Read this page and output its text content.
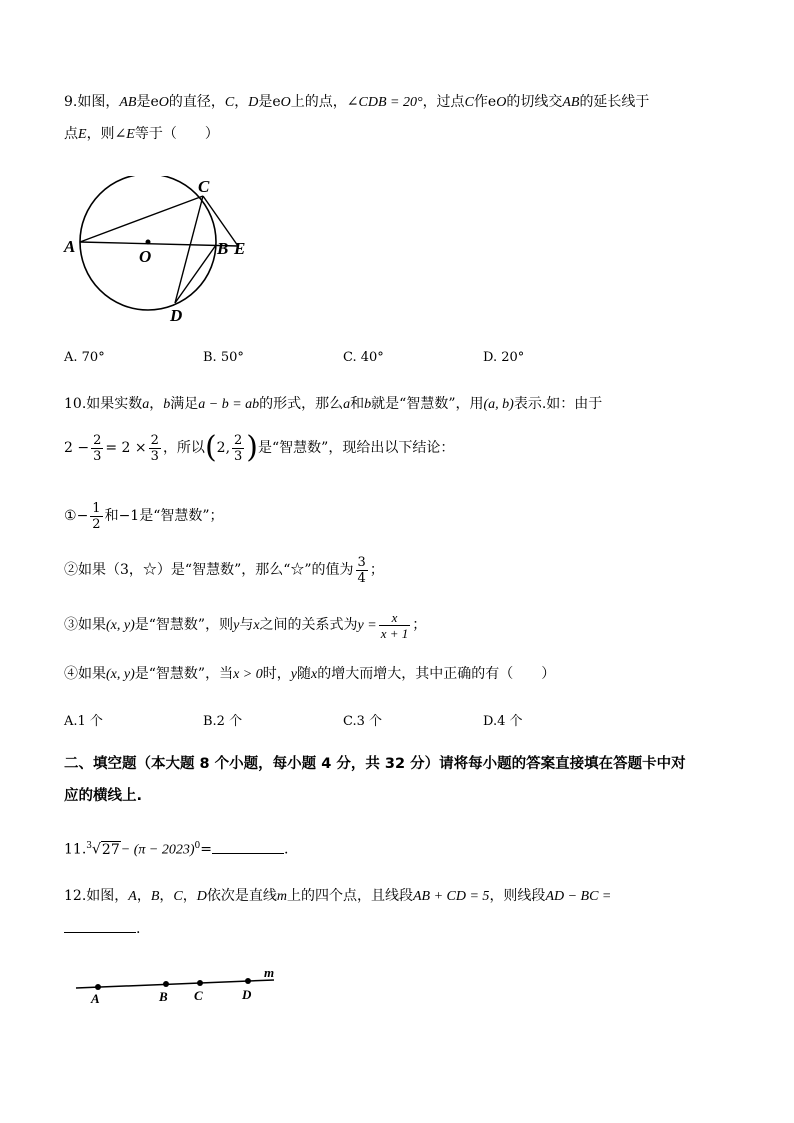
9.如图，AB是eO的直径，C，D是eO上的点，∠CDB = 20°，过点C作eO的切线交AB的延长线于
点E，则∠E等于（　　）
A
O	B E
C
D
A. 70°	B. 50°	C. 40°	D. 20°
10.如果实数a，b满足a − b = ab的形式，那么a和b就是“智慧数”，用(a, b)表示.如：由于
$2 - \frac{2}{3} = 2 \times \frac{2}{3}$ ，所以(2, $\frac{2}{3}$ )是“智慧数”，现给出以下结论：
①− $\frac{1}{2}$ 和−1是“智慧数”；
②如果（3，☆）是“智慧数”，那么“☆”的值为 $\frac{3}{4}$ ；
③如果(x, y)是“智慧数”，则y与x之间的关系式为$y = \frac{x}{x + 1}$ ；
④如果(x, y)是“智慧数”，当x > 0时，y随x的增大而增大，其中正确的有（　　）
A.1 个	B.2 个	C.3 个	D.4 个
二、填空题（本大题 8 个小题，每小题 4 分，共 32 分）请将每小题的答案直接填在答题卡中对
应的横线上.
$11.^3√27- (\pi - 2023)^0=$	.
12.如图，A，B，C，D依次是直线m上的四个点，且线段AB + CD = 5，则线段AD − BC =
.
A	B C	D
m
